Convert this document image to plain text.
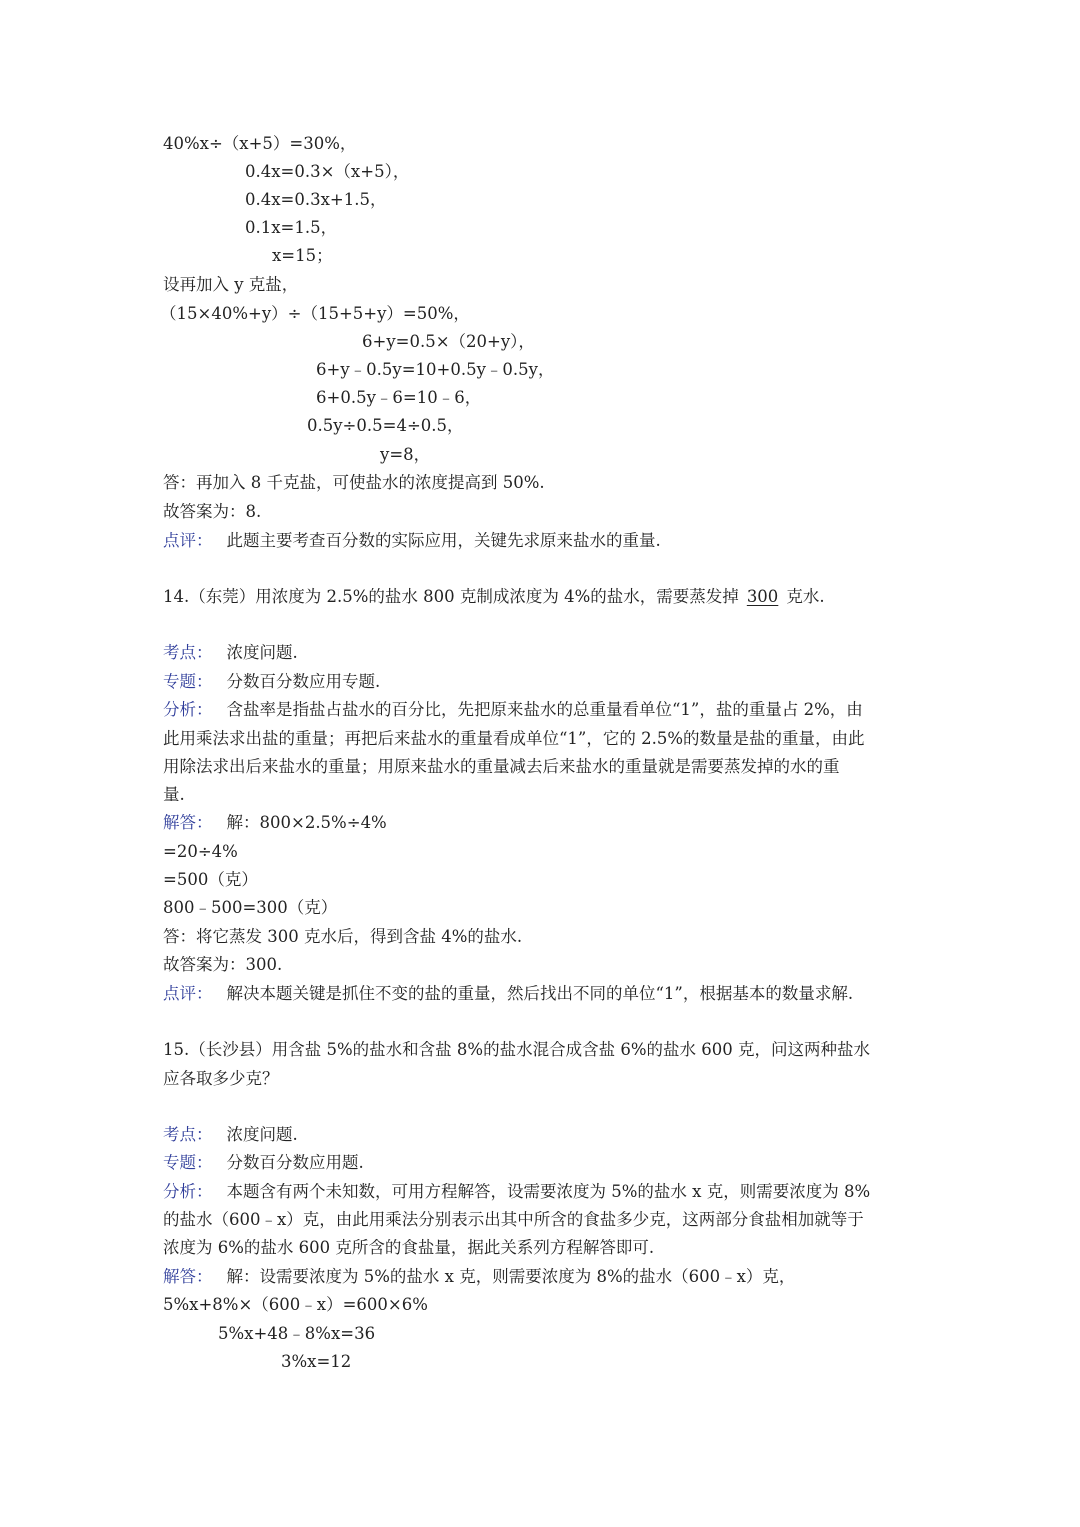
40%x÷（x+5）=30%，
0.4x=0.3×（x+5），
0.4x=0.3x+1.5，
0.1x=1.5，
x=15；
设再加入 y 克盐，
（15×40%+y）÷（15+5+y）=50%，
6+y=0.5×（20+y），
6+y﹣0.5y=10+0.5y﹣0.5y，
6+0.5y﹣6=10﹣6，
0.5y÷0.5=4÷0.5，
y=8，
答：再加入 8 千克盐，可使盐水的浓度提高到 50%.
故答案为：8.
点评： 此题主要考查百分数的实际应用，关键先求原来盐水的重量.
14.（东莞）用浓度为 2.5%的盐水 800 克制成浓度为 4%的盐水，需要蒸发掉 300 克水.
考点： 浓度问题.
专题： 分数百分数应用专题.
分析： 含盐率是指盐占盐水的百分比，先把原来盐水的总重量看单位“1”，盐的重量占 2%，由
此用乘法求出盐的重量；再把后来盐水的重量看成单位“1”，它的 2.5%的数量是盐的重量，由此
用除法求出后来盐水的重量；用原来盐水的重量减去后来盐水的重量就是需要蒸发掉的水的重
量.
解答： 解：800×2.5%÷4%
=20÷4%
=500（克）
800﹣500=300（克）
答：将它蒸发 300 克水后，得到含盐 4%的盐水.
故答案为：300.
点评： 解决本题关键是抓住不变的盐的重量，然后找出不同的单位“1”，根据基本的数量求解.
15.（长沙县）用含盐 5%的盐水和含盐 8%的盐水混合成含盐 6%的盐水 600 克，问这两种盐水
应各取多少克？
考点： 浓度问题.
专题： 分数百分数应用题.
分析： 本题含有两个未知数，可用方程解答，设需要浓度为 5%的盐水 x 克，则需要浓度为 8%
的盐水（600﹣x）克，由此用乘法分别表示出其中所含的食盐多少克，这两部分食盐相加就等于
浓度为 6%的盐水 600 克所含的食盐量，据此关系列方程解答即可.
解答： 解：设需要浓度为 5%的盐水 x 克，则需要浓度为 8%的盐水（600﹣x）克，
5%x+8%×（600﹣x）=600×6%
5%x+48﹣8%x=36
3%x=12
